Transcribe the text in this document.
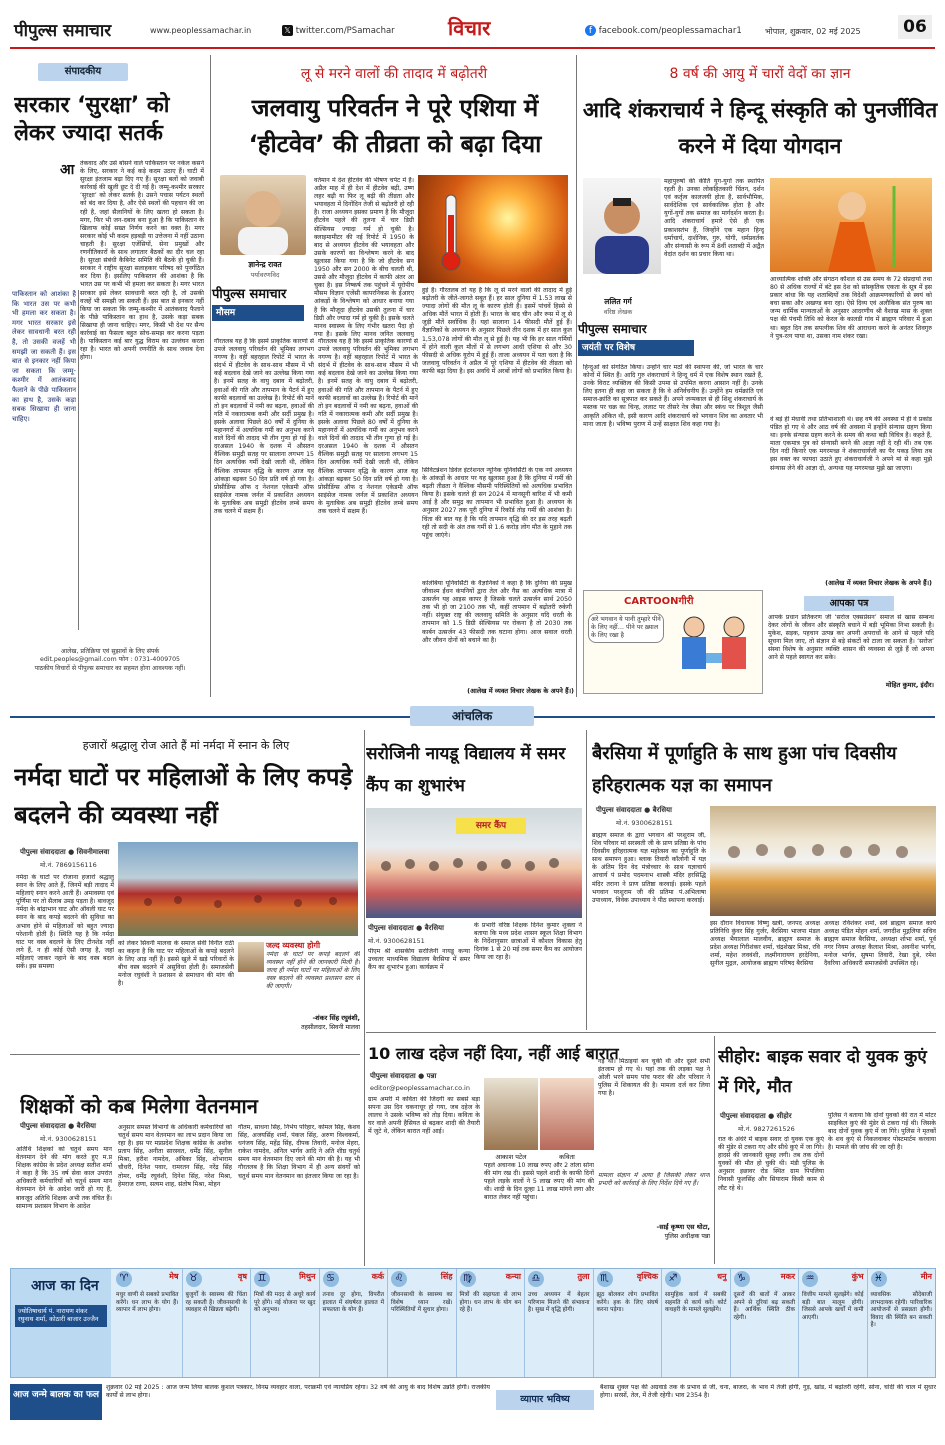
पीपुल्स समाचार	www.peoplessamachar.in	𝕏 twitter.com/PSamachar	विचार	f facebook.com/peoplessamachar1	भोपाल, शुक्रवार, 02 मई 2025	06
संपादकीय
सरकार ‘सुरक्षा’ को लेकर ज्यादा सतर्क
आ तंकवाद और उसे बोसने वाले पाकिस्तान पर नकेल कसने के लिए, सरकार ने कई कड़े कदम उठाए हैं। घाटी में सुरक्षा इंतजाम बढ़ा दिए गए हैं। सुरक्षा बलों को जवाबी कार्रवाई की खुली छूट दे दी गई है। जम्मू-कश्मीर सरकार ‘सुरक्षा’ को लेकर सतर्क है। उसने पचास पर्यटन स्थलों को बंद कर दिया है, और ऐसे स्थलों की पहचान की जा रही है, जहां सैलानियों के लिए खतरा हो सकता है। मगर, फिर भी जन-दबाव बना हुआ है कि पाकिस्तान के खिलाफ कोई सख्त निर्णय करने का वक्त है। मगर सरकार कोई भी कदम हड़बड़ी या उत्तेजना में नहीं उठाना चाहती है। सुरक्षा एजेंसियों, सेना प्रमुखों और रणनीतिकारों के साथ लगातार बैठकों का दौर चल रहा है। सुरक्षा संबंधी कैबिनेट समिति की बैठकें हो चुकी हैं। सरकार ने राष्ट्रीय सुरक्षा सलाहकार परिषद को पुनर्गठित कर दिया है। इसलिए पाकिस्तान की आशंका है कि भारत उस पर कभी भी हमला कर सकता है। मगर भारत सरकार इसे लेकर सावधानी बरत रही है, तो उसकी वजहें भी समझी जा सकती हैं। इस बात से इनकार नहीं किया जा सकता कि जम्मू-कश्मीर में आतंकवाद फैलाने के पीछे पाकिस्तान का हाथ है, उसके कड़ा सबक सिखाया ही जाना चाहिए। मगर, किसी भी देश पर सैन्य कार्रवाई का फैसला बहुत सोच-समझ कर करना पड़ता है। पाकिस्तान कई बार युद्ध विराम का उल्लंघन करता रहा है। भारत को अपनी रणनीति के साथ जवाब देना होगा।
पाकिस्तान को आशंका है कि भारत उस पर कभी भी हमला कर सकता है। मगर भारत सरकार इसे लेकर सावधानी बरत रही है, तो उसकी वजहें भी समझी जा सकती हैं। इस बात से इनकार नहीं किया जा सकता कि जम्मू-कश्मीर में आतंकवाद फैलाने के पीछे पाकिस्तान का हाथ है, उसके कड़ा सबक सिखाया ही जाना चाहिए।
आलेख, प्रतिक्रिया एवं सुझावों के लिए संपर्क
edit.peoples@gmail.com फोन : 0731-4009705
पाठकीय विचारों से पीपुल्स समाचार का सहमत होना आवश्यक नहीं।
लू से मरने वालों की तादाद में बढ़ोतरी
जलवायु परिवर्तन ने पूरे एशिया में ‘हीटवेव’ की तीव्रता को बढ़ा दिया
ज्ञानेन्द्र रावत
पर्यावरणविद
पीपुल्स समाचार
मौसम
वर्तमान में देश हीटवेव की भीषण चपेट में है। अप्रैल माह में ही देश में हीटवेव बढ़ी, उष्ण लहर बढ़ी या फिर लू बढ़ी की तीव्रता और भयावहता में दिनोंदिन तेजी से बढ़ोतरी हो रही है। राजा अध्ययन इसका प्रमाण है कि मौजूदा हीटवेव पहले की तुलना में चार डिग्री सेल्सियस ज्यादा गर्म हो चुकी है। क्लाइमामीटर की नई रिपोर्ट में 1950 के बाद से अध्ययन हीटवेव की भयावहता और उसके कारणों का विश्लेषण करने के बाद खुलासा किया गया है कि जो हीटवेव सन 1950 और सन 2000 के बीच चलती थी, उससे और मौजूदा हीटवेव में काफी अंतर आ चुका है। इस निष्कर्ष तक पहुंचने में यूरोपीय मौसम विज्ञान एजेंसी कापरनिकस के ईआरए आंकड़ों के विश्लेषण को आधार बनाया गया है कि मौजूदा हीटवेव उसकी तुलना में चार डिग्री और ज्यादा गर्म हो चुकी है। इसके चलते मानव स्वास्थ्य के लिए गंभीर खतरा पैदा हो गया है। इसके लिए मानव जनित जलवायु
गौरतलब यह है कि इसमें प्राकृतिक कारणों से उपजे जलवायु परिवर्तन की भूमिका लगभग नगण्य है। वहीं बहरहाल रिपोर्ट में भारत के संदर्भ में हीटवेव के साथ-साथ मौसम में भी कई बदलाव देखे जाने का उल्लेख किया गया है। इनमें सतह के वायु दबाव में बढ़ोतरी, हवाओं की गति और तापमान के पैटर्न में हुए काफी बदलावों का उल्लेख है। रिपोर्ट की मानें तो इन बदलावों में नमी का बढ़ना, हवाओं की गति में नकारात्मक कमी और सर्दी प्रमुख है। इसके अलावा पिछले 80 वर्षों में दुनिया के महानगरों में अत्यधिक गर्मी का अनुभव करने वाले दिनों की तादाद भी तीन गुणा हो गई है। दरअसल 1940 के दशक में औसतन वैश्विक समुद्री सतह पर सालाना लगभग 15 दिन अत्यधिक गर्मी देखी जाती थी, लेकिन वैश्विक तापमान वृद्धि के कारण आज यह आंकड़ा बढ़कर 50 दिन प्रति वर्ष हो गया है। प्रोसीडिंग्स ऑफ द नेशनल एकेडमी ऑफ साइंसेज नामक जर्नल में प्रकाशित अध्ययन के मुताबिक अब समुद्री हीटवेव लम्बे समय तक चलने में सक्षम हैं।
गौरतलब यह है कि इसमें प्राकृतिक कारणों से उपजे जलवायु परिवर्तन की भूमिका लगभग नगण्य है। वहीं बहरहाल रिपोर्ट में भारत के संदर्भ में हीटवेव के साथ-साथ मौसम में भी कई बदलाव देखे जाने का उल्लेख किया गया है। इनमें सतह के वायु दबाव में बढ़ोतरी, हवाओं की गति और तापमान के पैटर्न में हुए काफी बदलावों का उल्लेख है। रिपोर्ट की मानें तो इन बदलावों में नमी का बढ़ना, हवाओं की गति में नकारात्मक कमी और सर्दी प्रमुख है। इसके अलावा पिछले 80 वर्षों में दुनिया के महानगरों में अत्यधिक गर्मी का अनुभव करने वाले दिनों की तादाद भी तीन गुणा हो गई है। दरअसल 1940 के दशक में औसतन वैश्विक समुद्री सतह पर सालाना लगभग 15 दिन अत्यधिक गर्मी देखी जाती थी, लेकिन वैश्विक तापमान वृद्धि के कारण आज यह आंकड़ा बढ़कर 50 दिन प्रति वर्ष हो गया है। प्रोसीडिंग्स ऑफ द नेशनल एकेडमी ऑफ साइंसेज नामक जर्नल में प्रकाशित अध्ययन के मुताबिक अब समुद्री हीटवेव लम्बे समय तक चलने में सक्षम हैं।
हुई है। गौरतलब तो यह है कि लू से मरने वालों की तादाद में हुई बढ़ोतरी के जीते-जागते सबूत हैं। हर साल दुनिया में 1.53 लाख से ज्यादा लोगों की मौत लू के कारण होती है। इसमें पांचवें हिस्से से अधिक मौतें भारत में होती हैं। भारत के बाद चीन और रूस में लू से जुड़ी मौतें सर्वाधिक हैं। यहां सालाना 14 फीसदी मौतें हुई हैं। वैज्ञानिकों के अध्ययन के अनुसार पिछले तीन दशक में हर साल कुल 1,53,078 लोगों की मौत लू से हुई है। यह भी कि हर साल गर्मियों में होने वाली कुल मौतों में से लगभग आधी एशिया से और 30 फीसदी से अधिक यूरोप में हुई हैं। ताजा अध्ययन में पता चला है कि जलवायु परिवर्तन ने अप्रैल में पूरे एशिया में हीटवेव की तीव्रता को काफी बढ़ा दिया है। इस अवधि में अरबों लोगों को प्रभावित किया है।
सिविटन्नेशन डिवेल इंटरेशनल न्यूनिक यूनिवर्सिटी के एक नये अध्ययन के आंकड़ों के आधार पर यह खुलासा हुआ है कि दुनिया में गर्मी की बढ़ती तीव्रता ने वैश्विक मौसमी परिस्थितियों को अत्यधिक प्रभावित किया है। इसके चलते ही सन 2024 में मानसूनी बारिश में भी कमी आई है और समुद्र का तापमान भी प्रभावित हुआ है। अध्ययन के अनुसार 2027 तक पूरी दुनिया में रिकॉर्ड तोड़ गर्मी की आशंका है। चिंता की बात यह है कि यदि तापमान वृद्धि की दर इस तरह बढ़ती रही तो सदी के अंत तक गर्मी से 1.6 करोड़ लोग मौत के मुहाने तक पहुंच जाएंगे।
कोलंबिया यूनिवर्सिटी के वैज्ञानिकों ने कहा है कि दुनिया की प्रमुख जीवाश्म ईंधन कंपनियों द्वारा तेल और गैस का अत्यधिक मात्रा में उत्सर्जन यह आइस कापर है जिसके चलते उत्सर्जन सार्थ 2050 तक भी हो जा 2100 तक भी, कहीं तापमान में बढ़ोतरी रुकेगी नहीं। संयुक्त राष्ट्र की जलवायु समिति के अनुसार यदि धरती के तापमान को 1.5 डिग्री सेल्सियस पर रोकना है तो 2030 तक कार्बन उत्सर्जन 43 फीसदी तक घटाना होगा। आज सवाल धरती और जीवन दोनों को बचाने का है।
(आलेख में व्यक्त विचार लेखक के अपने हैं।)
8 वर्ष की आयु में चारों वेदों का ज्ञान
आदि शंकराचार्य ने हिन्दू संस्कृति को पुनर्जीवित करने में दिया योगदान
ललित गर्ग
वरिष्ठ लेखक
पीपुल्स समाचार
जयंती पर विशेष
महापुरुषों की कीर्ति युग-युगों तक स्थापित रहती है। उनका लोकहितकारी चिंतन, दर्शन एवं कर्तृत्व कालजयी होता है, सार्वभौमिक, सार्वदेशिक एवं सार्वकालिक होता है और युगों-युगों तक समाज का मार्गदर्शन करता है। आदि शंकराचार्य हमारे ऐसे ही एक प्रकाशस्तंभ हैं, जिन्होंने एक महान हिन्दू धर्माचार्य, दार्शनिक, गुरु, योगी, धर्मप्रवर्तक और संन्यासी के रूप में 8वीं शताब्दी में अद्वैत वेदांत दर्शन का प्रचार किया था।
हिन्दुओं को संगठित किया। उन्होंने चार मठों की स्थापना की, जो भारत के चार कोनों में स्थित हैं। आदि गुरु शंकराचार्य ने हिन्दू धर्म में एक विशेष स्थान रखते हैं, उनके विराट व्यक्तित्व की किसी उपमा से उपमित करना आसान नहीं है। उनके लिए इतना ही कहा जा सकता है कि वे अनिर्वचनीय हैं। उन्होंने हम धर्मक्रांति एवं समाज-क्रांति का सूत्रपात कर सकते हैं। अपने जन्मकाल से ही शिशु शंकराचार्य के मस्तक पर चक्र का चिन्ह, ललाट पर तीसरे नेत्र जैसा और स्कंध पर त्रिशूल जैसी आकृति अंकित थी, इसी कारण आदि शंकराचार्य को भगवान शिव का अवतार भी माना जाता है। भविष्य पुराण में उन्हें साक्षात शिव कहा गया है।
आध्यात्मिक शक्ति और संगठन कौशल से उस समय के 72 संप्रदायों तथा 80 से अधिक राज्यों में बंटे इस देश को सांस्कृतिक एकता के सूत्र में इस प्रकार बांधा कि यह शताब्दियों तक विदेशी आक्रमणकारियों से स्वयं को बचा सका और अखण्ड बना रहा। ऐसे दिव्य एवं अलौकिक संत पुरुष का जन्म धार्मिक मान्यताओं के अनुसार आदरणीय श्री वैशाख मास के शुक्ल पक्ष की पंचमी तिथि को केरल के कालडी गांव में ब्राह्मण परिवार में हुआ था। बहुत दिन तक सपत्नीक शिव की आराधना करने के अनंतर शिवगुरु ने पुत्र-रत्न पाया था, उसका नाम शंकर रखा।
वे बड़े ही मेधावी तथा प्रतिभाशाली थे। छह वर्ष की अवस्था में ही वे प्रकांड पंडित हो गए थे और आठ वर्ष की अवस्था में इन्होंने संन्यास ग्रहण किया था। इनके संन्यास ग्रहण करने के समय की कथा बड़ी विचित्र है। कहते हैं, माता एकमात्र पुत्र को संन्यासी बनने की आज्ञा नहीं दे रही थीं। तब एक दिन नदी किनारे एक मगरमच्छ ने शंकराचार्यजी का पैर पकड़ लिया तब इस वक्त का फायदा उठाते हुए शंकराचार्यजी ने अपने मां से कहा मुझे संन्यास लेने की आज्ञा दो, अन्यथा यह मगरमच्छ मुझे खा जाएगा।
(आलेख में व्यक्त विचार लेखक के अपने हैं।)
CARTOONगीरी
अरे भगवान ये पानी तुम्हारे पीने के लिए नहीं… पीने पर ख़्याल के लिए रखा है
आपका पत्र
आपके प्रधान प्रतिकरण जी ‘सरोज एक्सप्रेसन’ समाज से खास सम्बन्ध देकर लोगों के जीवन और संस्कृति बचाने में बड़ी भूमिका निभा सकती है। मुकेश, सड़क, पहचान उत्पन्न कर अपनी अपराधों के आने से पहले यदि सूचना मिल जाए, तो संज्ञान से बड़े संकटों को टाला जा सकता है। ‘सरोज’ संस्था विशेष के अनुसार व्यक्ति शासन की व्यवस्था से जुड़े हैं जो अपना आने से पहले स्वागत कर सके।
मोहित कुमार, इंदौर।
आंचलिक
हजारों श्रद्धालु रोज आते हैं मां नर्मदा में स्नान के लिए
नर्मदा घाटों पर महिलाओं के लिए कपड़े बदलने की व्यवस्था नहीं
पीपुल्स संवाददाता ● सिवनीमालवा
मो.नं. 7869156116
नर्मदा के घाटों पर रोजाना हजारों श्रद्धालु स्नान के लिए आते हैं, जिनमें बड़ी तादाद में महिलाएं स्नान करने आती हैं। अमावस्या एवं पूर्णिमा पर तो सैलाब उमड़ पड़ता है। बावजूद नर्मदा के बांद्राभान घाट और ऑवली घाट पर स्नान के बाद कपड़े बदलने की सुविधा का अभाव होने से महिलाओं को बहुत ज्यादा परेशानी होती है। स्थिति यह है कि नर्मदा घाट पर वस्त्र बदलने के लिए टीनशेड नहीं लगे हैं, न ही कोई ऐसी जगह है, जहां महिलाएं जाकर नहाने के बाद वस्त्र बदल सकें। इस समस्या
को लेकर सिवनी मालवा के समाज सेवी विनीत राठी का कहना है कि घाट पर महिलाओं के कपड़े बदलने के लिए आड़ नहीं है। इससे खुले में खड़े परिवारों के बीच वस्त्र बदलने में असुविधा होती है। समाजसेवी मनोज रघुवंशी ने प्रशासन से समाधान की मांग की है।
जल्द व्यवस्था होगी
नर्मदा के घाटों पर कपड़े बदलने की व्यवस्था नहीं होने की जानकारी मिली है। जल्द ही नर्मदा घाटों पर महिलाओं के लिए वस्त्र बदलने की व्यवस्था प्रशासन स्तर से की जाएगी।
-शंकर सिंह रघुवंशी,
तहसीलदार, सिवनी मालवा
शिक्षकों को कब मिलेगा वेतनमान
पीपुल्स संवाददाता ● बैरसिया
मो.नं. 9300628151
अतिथि शिक्षकों को चतुर्थ समय मान वेतनमान देने की मांग करते हुए म.प्र शिक्षक कांग्रेस के प्रदेश अध्यक्ष सतीश शर्मा ने कहा है कि 35 वर्ष सेवा काल उपरांत अधिकारी कर्मचारियों को चतुर्थ समय मान वेतनमान देने के आदेश जारी हो गए हैं, बावजूद अतिथि शिक्षक अभी तक वंचित हैं। सामान्य प्रशासन विभाग के आदेश
अनुसार समस्त विभागों के अधिकारी कर्मचारियों को चतुर्थ समय मान वेतनमान का लाभ प्रदान किया जा रहा है। इस पर मप्रप्रदेश शिक्षक कांग्रेस के अशोक प्रताप सिंह, अनीता सारस्वत, धर्मेंद्र सिंह, सुनील मिश्रा, हरीश नामदेव, अंबिका सिंह, शोभाराम चौधरी, दिनेश पवार, रामरतन सिंह, नरेंद्र सिंह तोमर, धर्मेंद्र रघुवंशी, दिनेश सिंह, नरेश मिश्रा, हेमराज राणा, सत्यम शाह, संतोष मिश्रा, मोहन
गौतम, साधना सिंह, निर्भय परिहार, कोमल सिंह, केशव सिंह, अजयसिंह शर्मा, पंकज सिंह, अरुण विश्वकर्मा, धनंजय सिंह, महेंद्र सिंह, दीपक तिवारी, मनोज मेहरा, राकेश नामदेव, अनिल भार्गव आदि ने अति शीघ्र चतुर्थ समय मान वेतनमान दिए जाने की मांग की है। यह भी गौरतलब है कि शिक्षा विभाग में ही अन्य संवर्गों को चतुर्थ समय मान वेतनमान का इंतजार किया जा रहा है।
सरोजिनी नायडू विद्यालय में समर कैंप का शुभारंभ
समर कैंप
पीपुल्स संवाददाता ● बैरसिया
मो.नं. 9300628151
पीएम श्री शासकीय सरोजिनी नायडू कन्या उच्चतर माध्यमिक विद्यालय बैरसिया में समर कैंप का शुभारंभ हुआ। कार्यक्रम में
के प्रभारी वरिष्ठ शिक्षक दिनेश कुमार शुक्ला ने बताया कि मध्य प्रदेश शासन स्कूल शिक्षा विभाग के निर्देशानुसार छात्राओं में कौशल विकास हेतु दिनांक 1 से 20 मई तक समर कैंप का आयोजन किया जा रहा है।
बैरसिया में पूर्णाहुति के साथ हुआ पांच दिवसीय हरिहरात्मक यज्ञ का समापन
पीपुल्स संवाददाता ● बैरसिया
मो.नं. 9300628151
ब्राह्मण समाज के द्वारा भगवान श्री परशुराम जी, शिव परिवार मां सरस्वती जी के प्राण प्रतिष्ठा के पांच दिवसीय हरिहरात्मक यज्ञ महोत्सव का पूर्णाहुति के साथ समापन हुआ। ब्लाक तिवारी कॉलोनी में यज्ञ के अंतिम दिन वेद मंत्रोच्चार के साथ यज्ञाचार्य आचार्य पं प्रमोद पदमनाभ शास्त्री मंदिर हरसिद्धि मंदिर तराना ने प्राण प्रतिष्ठा करवाई। इसके पहले भगवान परशुराम जी की प्रतिमा पं.अभिलाषा उपाध्याय, विवेक उपाध्याय ने पीठ स्थापना करवाई।
इस दौरान विधायक विष्णु खत्री, जनपद अध्यक्ष प्रतिनिधि कुंवर सिंह गुर्जर, बैरसिया भाजपा मंडल अध्यक्ष भैयालाल मालवीय, ब्राह्मण समाज के प्रदेश अध्यक्ष गिरीशंकर शर्मा, चंद्रशेखर मिश्रा, रवि शर्मा, महेश लववंशी, लक्ष्मीनारायण हरदेनिया, सुनील मुद्गल, आयोजक ब्राह्मण परिषद बैरसिया
अध्यक्ष रविशंकर शर्मा, सर्व ब्राह्मण समाज कार्य अध्यक्ष पंडित मोहन शर्मा, जगदीश मुद्गलिया सचिव ब्राह्मण समाज बैरसिया, अध्यक्षा शोभा शर्मा, पूर्व नगर नियम अध्यक्ष कैलाश मिश्रा, अवनीश भार्गव, मनोज भार्गव, सुषमा तिवारी, रेखा दुबे, रमेश दैवरिया अधिकारी समाजसेवी उपस्थित रहे।
10 लाख दहेज नहीं दिया, नहीं आई बारात
पीपुल्स संवाददाता ● पन्ना
editor@peoplessamachar.co.in
आकाश पटेल	कविता
ग्राम अमरी में कविता की जिंदगी का सबसे बड़ा सपना उस दिन चकनाचूर हो गया, जब दहेज के लालच ने उसके भविष्य को तोड़ दिया। कविता के घर वाले अपनी हैसियत से बढ़कर शादी की तैयारी में जुटे थे, लेकिन बारात नहीं आई।
पहले अचानक 10 लाख रुपए और 2 तोला सोना की मांग रख दी। इससे पहले शादी के काफी दिनों पहले लड़के वालों ने 5 लाख रुपए की मांग की थी। शादी के दिन दूल्हा 11 लाख मांगने लगा और बारात लेकर नहीं पहुंचा।
गई थी। मिठाइयां बन चुकी थी और दूसरे सभी इंतजाम हो गए थे। यहां तक की लड़का पक्ष ने ओली भरने समय पांच फरार की और परिवार ने पुलिस में शिकायत की है। मामला दर्ज कर लिया गया है।
मामला संज्ञान में आया है जिसकी लेकर थाना प्रभारी को कार्रवाई के लिए निर्देश दिये गए हैं।
-साईं कृष्णा एस थोटा,
पुलिस अधीक्षक पन्ना
सीहोर: बाइक सवार दो युवक कुएं में गिरे, मौत
पीपुल्स संवाददाता ● सीहोर
मो.नं. 9827261526
रात के अंधेरे में बाइक सवार दो युवक एक कुएं की मुंडेर से टकरा गए और सीधे कुएं में जा गिरे। हादसे की जानकारी सुबह लगी। तब तक दोनों युवकों की मौत हो चुकी थी। मंडी पुलिस के अनुसार इछावर रोड स्थित ग्राम पिपलिया निवासी फूलसिंह और सियाराम किसी काम से लौट रहे थे।
पुलिस ने बताया कि दोनों युवकों की रात में मोटर साइकिल कुएं की मुंडेर से टकरा गई थी। जिसके बाद दोनों युवक कुएं में जा गिरे। पुलिस ने मृतकों के शव कुएं से निकलवाकर पोस्टमार्टम करवाया है। मामले की जांच की जा रही है।
आज का दिन
ज्योतिषाचार्य पं. नारायण शंकर रघुनाथ शर्मा, कोठारी बाजार उज्जैन
♈	मेष
मधुर वाणी से सबको प्रभावित करेंगे। धन लाभ के योग हैं। व्यापार में लाभ होगा।
♉	वृष
बुजुर्गों के स्वास्थ्य की चिंता रह सकती है। जीवनसाथी के व्यवहार से खिन्नता बढ़ेगी।
♊	मिथुन
मित्रों की मदद से अधूरे कार्य पूरे होंगे। नई योजना पर खुद को अनुभव।
♋	कर्क
तनाव दूर होगा, विपरीत हालात में संघर्षरत हालात में सफलता के योग हैं।
♌	सिंह
जीवनसाथी के स्वास्थ्य का विशेष ध्यान रखें। परिस्थितियों में सुधार होगा।
♍	कन्या
मित्रों की सहायता से लाभ होगा। धन लाभ के योग बन रहे हैं।
♎	तुला
उच्च अध्ययन में बेहतर परिणाम मिलने की संभावना है। सुख में वृद्धि होगी।
♏	वृश्चिक
झूठ बोलकर लोग प्रभावित करेंगे। हक के लिए संघर्ष करना पड़ेगा।
♐	धनु
सामुहिक कार्य में सबकी सहमति से कार्य करें। कोर्ट कचहरी के मामले सुलझेंगे।
♑	मकर
दूसरों की बातों में आकर अपने से दूरियां बढ़ सकती हैं। आर्थिक स्थिति ठीक रहेगी।
♒	कुंभ
वित्तीय मामले सुलझेंगे। कोई बड़ी बात मालूम होगी। जिससे आपके खर्चों में कमी आएगी।
♓	मीन
व्यावसिक सौदेबाजी लाभदायक रहेगी। पारिवारिक आयोजनों से प्रसन्नता होगी। विवाद की स्थिति बन सकती है।
आज जन्मे बालक का फल
शुक्रवार 02 मई 2025 : आज जन्म लिया बालक कुशल पत्रकार, विनम्र व्यवहार वाला, पराक्रमी एवं न्यायप्रिय रहेगा। 32 वर्ष की आयु के बाद विशेष उन्नति होगी। राजकीय कार्यों से लाभ होगा।	व्यापार भविष्य
बैशाख शुक्ल पक्ष की अग्रवार्ड तक के प्रभाव से जी, चना, बाजरा, के भाव में तेजी होगी, गुड़, खांड, में बढ़ोतरी रहेगी, सोना, चांदी की चाल में सुधार होगा। सरसों, तेल, में तेजी रहेगी। भाव 2354 है।
